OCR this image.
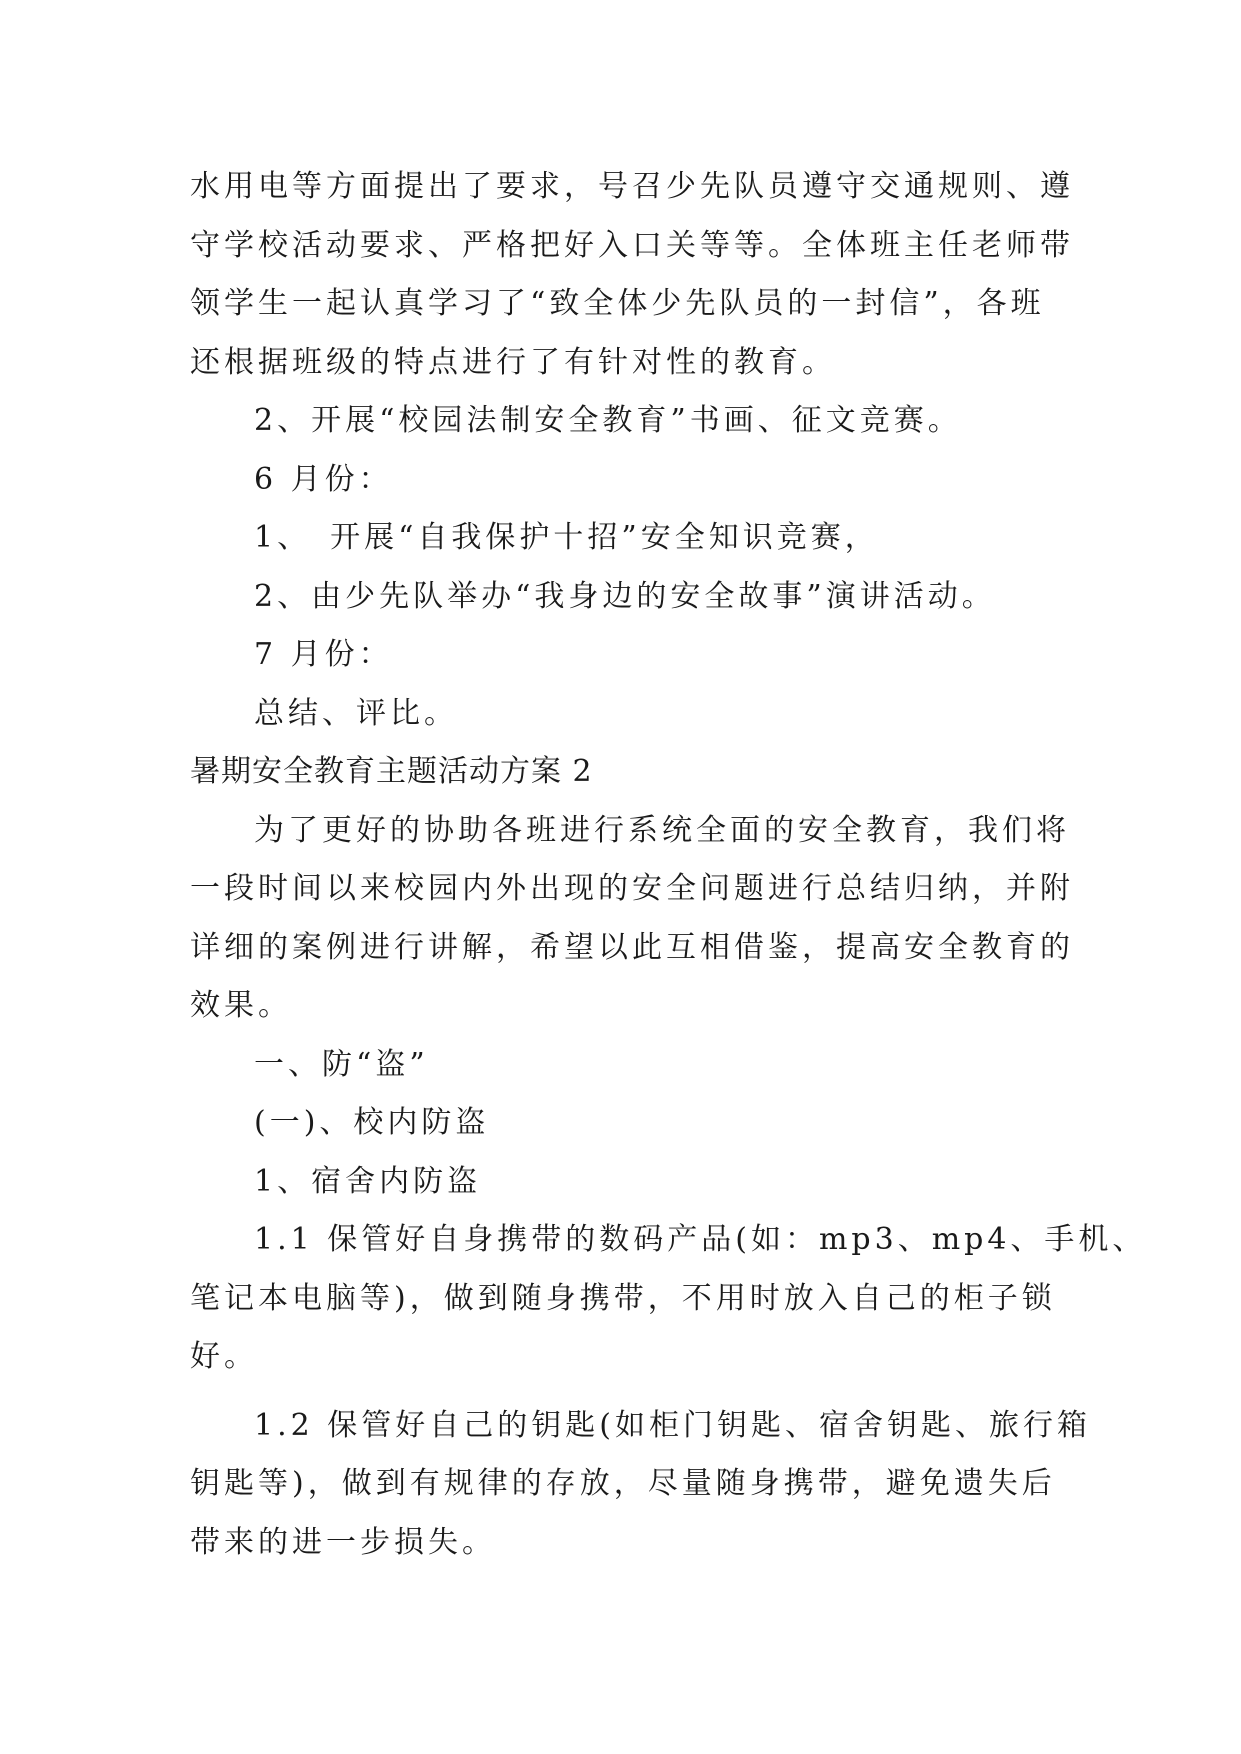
水用电等方面提出了要求，号召少先队员遵守交通规则、遵
守学校活动要求、严格把好入口关等等。全体班主任老师带
领学生一起认真学习了“致全体少先队员的一封信”，各班
还根据班级的特点进行了有针对性的教育。
2、开展“校园法制安全教育”书画、征文竞赛。
6 月份：
1、　开展“自我保护十招”安全知识竞赛，
2、由少先队举办“我身边的安全故事”演讲活动。
7 月份：
总结、评比。
暑期安全教育主题活动方案 2
为了更好的协助各班进行系统全面的安全教育，我们将
一段时间以来校园内外出现的安全问题进行总结归纳，并附
详细的案例进行讲解，希望以此互相借鉴，提高安全教育的
效果。
一、防“盗”
(一)、校内防盗
1、宿舍内防盗
1.1 保管好自身携带的数码产品(如：mp3、mp4、手机、
笔记本电脑等)，做到随身携带，不用时放入自己的柜子锁
好。
1.2 保管好自己的钥匙(如柜门钥匙、宿舍钥匙、旅行箱
钥匙等)，做到有规律的存放，尽量随身携带，避免遗失后
带来的进一步损失。
